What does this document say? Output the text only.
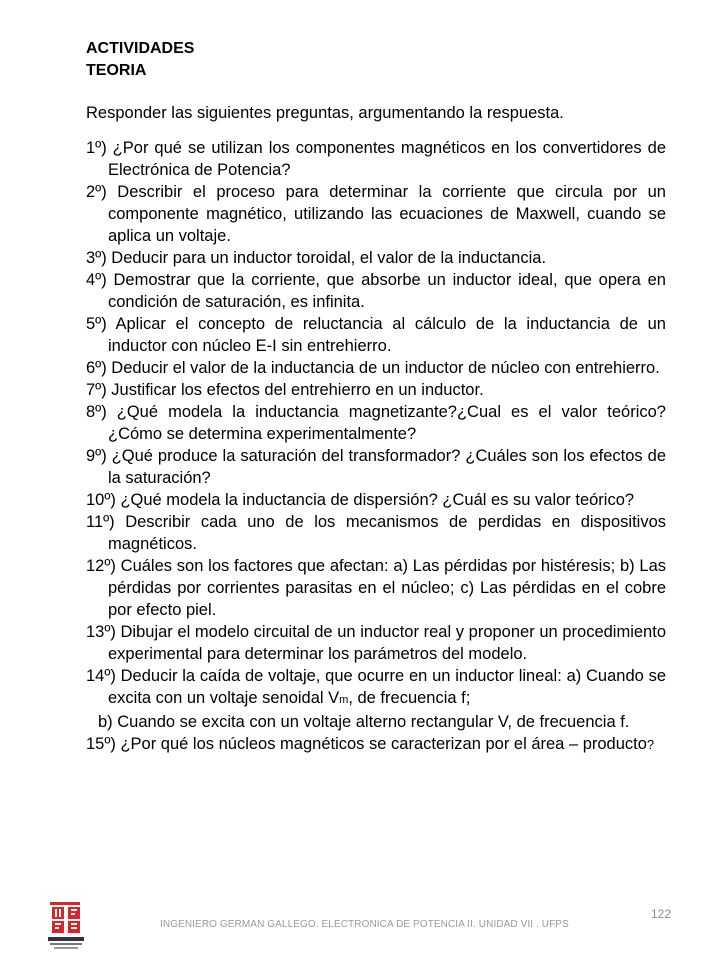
ACTIVIDADES

TEORIA

Responder las siguientes preguntas, argumentando la respuesta.

1º) ¿Por qué se utilizan los componentes magnéticos en los convertidores de Electrónica de Potencia?

2º) Describir el proceso para determinar la corriente que circula por un componente magnético, utilizando las ecuaciones de Maxwell, cuando se aplica un voltaje.

3º) Deducir para un inductor toroidal, el valor de la inductancia.

4º) Demostrar que la corriente, que absorbe un inductor ideal, que opera en condición de saturación, es infinita.

5º) Aplicar el concepto de reluctancia al cálculo de la inductancia de un inductor con núcleo E-I sin entrehierro.

6º) Deducir el valor de la inductancia de un inductor de núcleo con entrehierro.

7º) Justificar los efectos del entrehierro en un inductor.

8º) ¿Qué modela la inductancia magnetizante?¿Cual es el valor teórico? ¿Cómo se determina experimentalmente?

9º) ¿Qué produce la saturación del transformador? ¿Cuáles son los efectos de la saturación?

10º) ¿Qué modela la inductancia de dispersión? ¿Cuál es su valor teórico?

11º) Describir cada uno de los mecanismos de perdidas en dispositivos magnéticos.

12º) Cuáles son los factores que afectan: a) Las pérdidas por histéresis; b) Las pérdidas por corrientes parasitas en el núcleo; c) Las pérdidas en el cobre por efecto piel.

13º) Dibujar el modelo circuital de un inductor real y proponer un procedimiento experimental para determinar los parámetros del modelo.

14º) Deducir la caída de voltaje, que ocurre en un inductor lineal: a) Cuando se excita con un voltaje senoidal Vm, de frecuencia f;

b) Cuando se excita con un voltaje alterno rectangular V, de frecuencia f.

15º) ¿Por qué los núcleos magnéticos se caracterizan por el área – producto?

122
INGENIERO GERMAN GALLEGO. ELECTRONICA DE POTENCIA II. UNIDAD VII . UFPS
